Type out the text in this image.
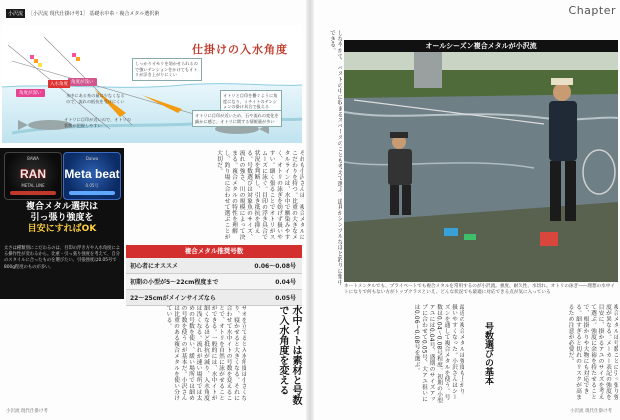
小沢流	［小沢流 現代仕掛け考1］ 基礎水中糸・複合メタル選択術
仕掛けの入水角度
しっかりオモリを効かせられるので強いテンションをかけてもオトリが浮き上がりにくい
オトリと目印を繋ぐように角度になり、ミチイトのテンションの掛け具合で扱える
オトリに目印が近いため、石や流れの変化を細かに感じ、オトリに関する情報量が多い
水中にある糸の量は少なくなるので、流れの抵抗を受けにくい
オトリに目印が近いので、オトリの状態が把握しやすい
角度が深い
角度が浅い
入水角度
BAWA
RAN
METAL LINE
Daiwa
Meta beat
0.05号
複合メタル選択は
引っ張り強度を
目安にすればOK
太さは種類別にこだわるのは、目印の浮き方や入水角度による操作性が変わるから。比重・引っ張り強度を考えて、自分のスタイルに合ったものを選びたい。引張強度は0.05号で800g程度のものが多い。
それも小沢さんは、複合メタルにこだわりを持つ。比重の大きなメタルラインは、水中で馴染みやすく、オトリの泳ぎを妨げず扱いやすい。細く張ることでオトリがスムーズに泳ぐ。目印の浮き具合で状況を判断し、引き抵抗を抑える。号数選びは対象魚のサイズ、流れの強さ、川の規模によって決まる。複合メタルの特性を理解し、釣り場に合わせて選ぶことが大切だ。
複合メタル推奨号数
初心者にオススメ	0.06〜0.08号
初期の小型が5〜22cm程度まで	0.04号
22〜25cmがメインサイズなら	0.05号
水中イトは素材と号数で入水角度を変える
サオを立てると入水角度は小さくなり、寝かせると大きくなる。それに合わせて水中イトの号数を変えることで、オトリを自然に泳がせることができる。一般的には、水中イトが細くなるほど抵抗が減り、入水角度は浅くなる。流れが速い場所では太めの号数を使い、緩い場所では細めの号数を使うのが基本だ。小沢さんは比重のある複合メタルを使い分けている。
小沢流 現代仕掛け考
Chapter
しなやかで、ベストの中に収まるスペースのことも考えて選ぶ。道具がシンプルなほど釣りに集中できる。	オールシーズン複合メタルが小沢流
ネートメンタルでも、プライベートでも複合メタルを常用するのが小沢流。強度、耐久性、水切れ、オトリの泳ぎ――理想の水中イトになりで何もない方がトップクラスといえ、どんな状況でも最適に対応できる点が気に入っている
最近の複合メタルは強度も上がり、扱いやすくなった。小沢さんはシーズンを通して複合メタルを使う。号数は0.04〜0.08号程度。初期の小型アユには0.04号、盛期のサイズアップに合わせて0.05号、大アユ狙いには0.06〜0.08号を選ぶ。	号数選びの基本	複合メタルは号数ごとに引っ張り強度が異なる。メーカー表記の強度を目安に、掛かるアユのサイズを考えて選ぶ。強度に余裕を持たせることで、根掛かりや大物にも対応できる。細すぎると切れのリスクが高まるため注意が必要だ。
小沢流 現代仕掛け考
